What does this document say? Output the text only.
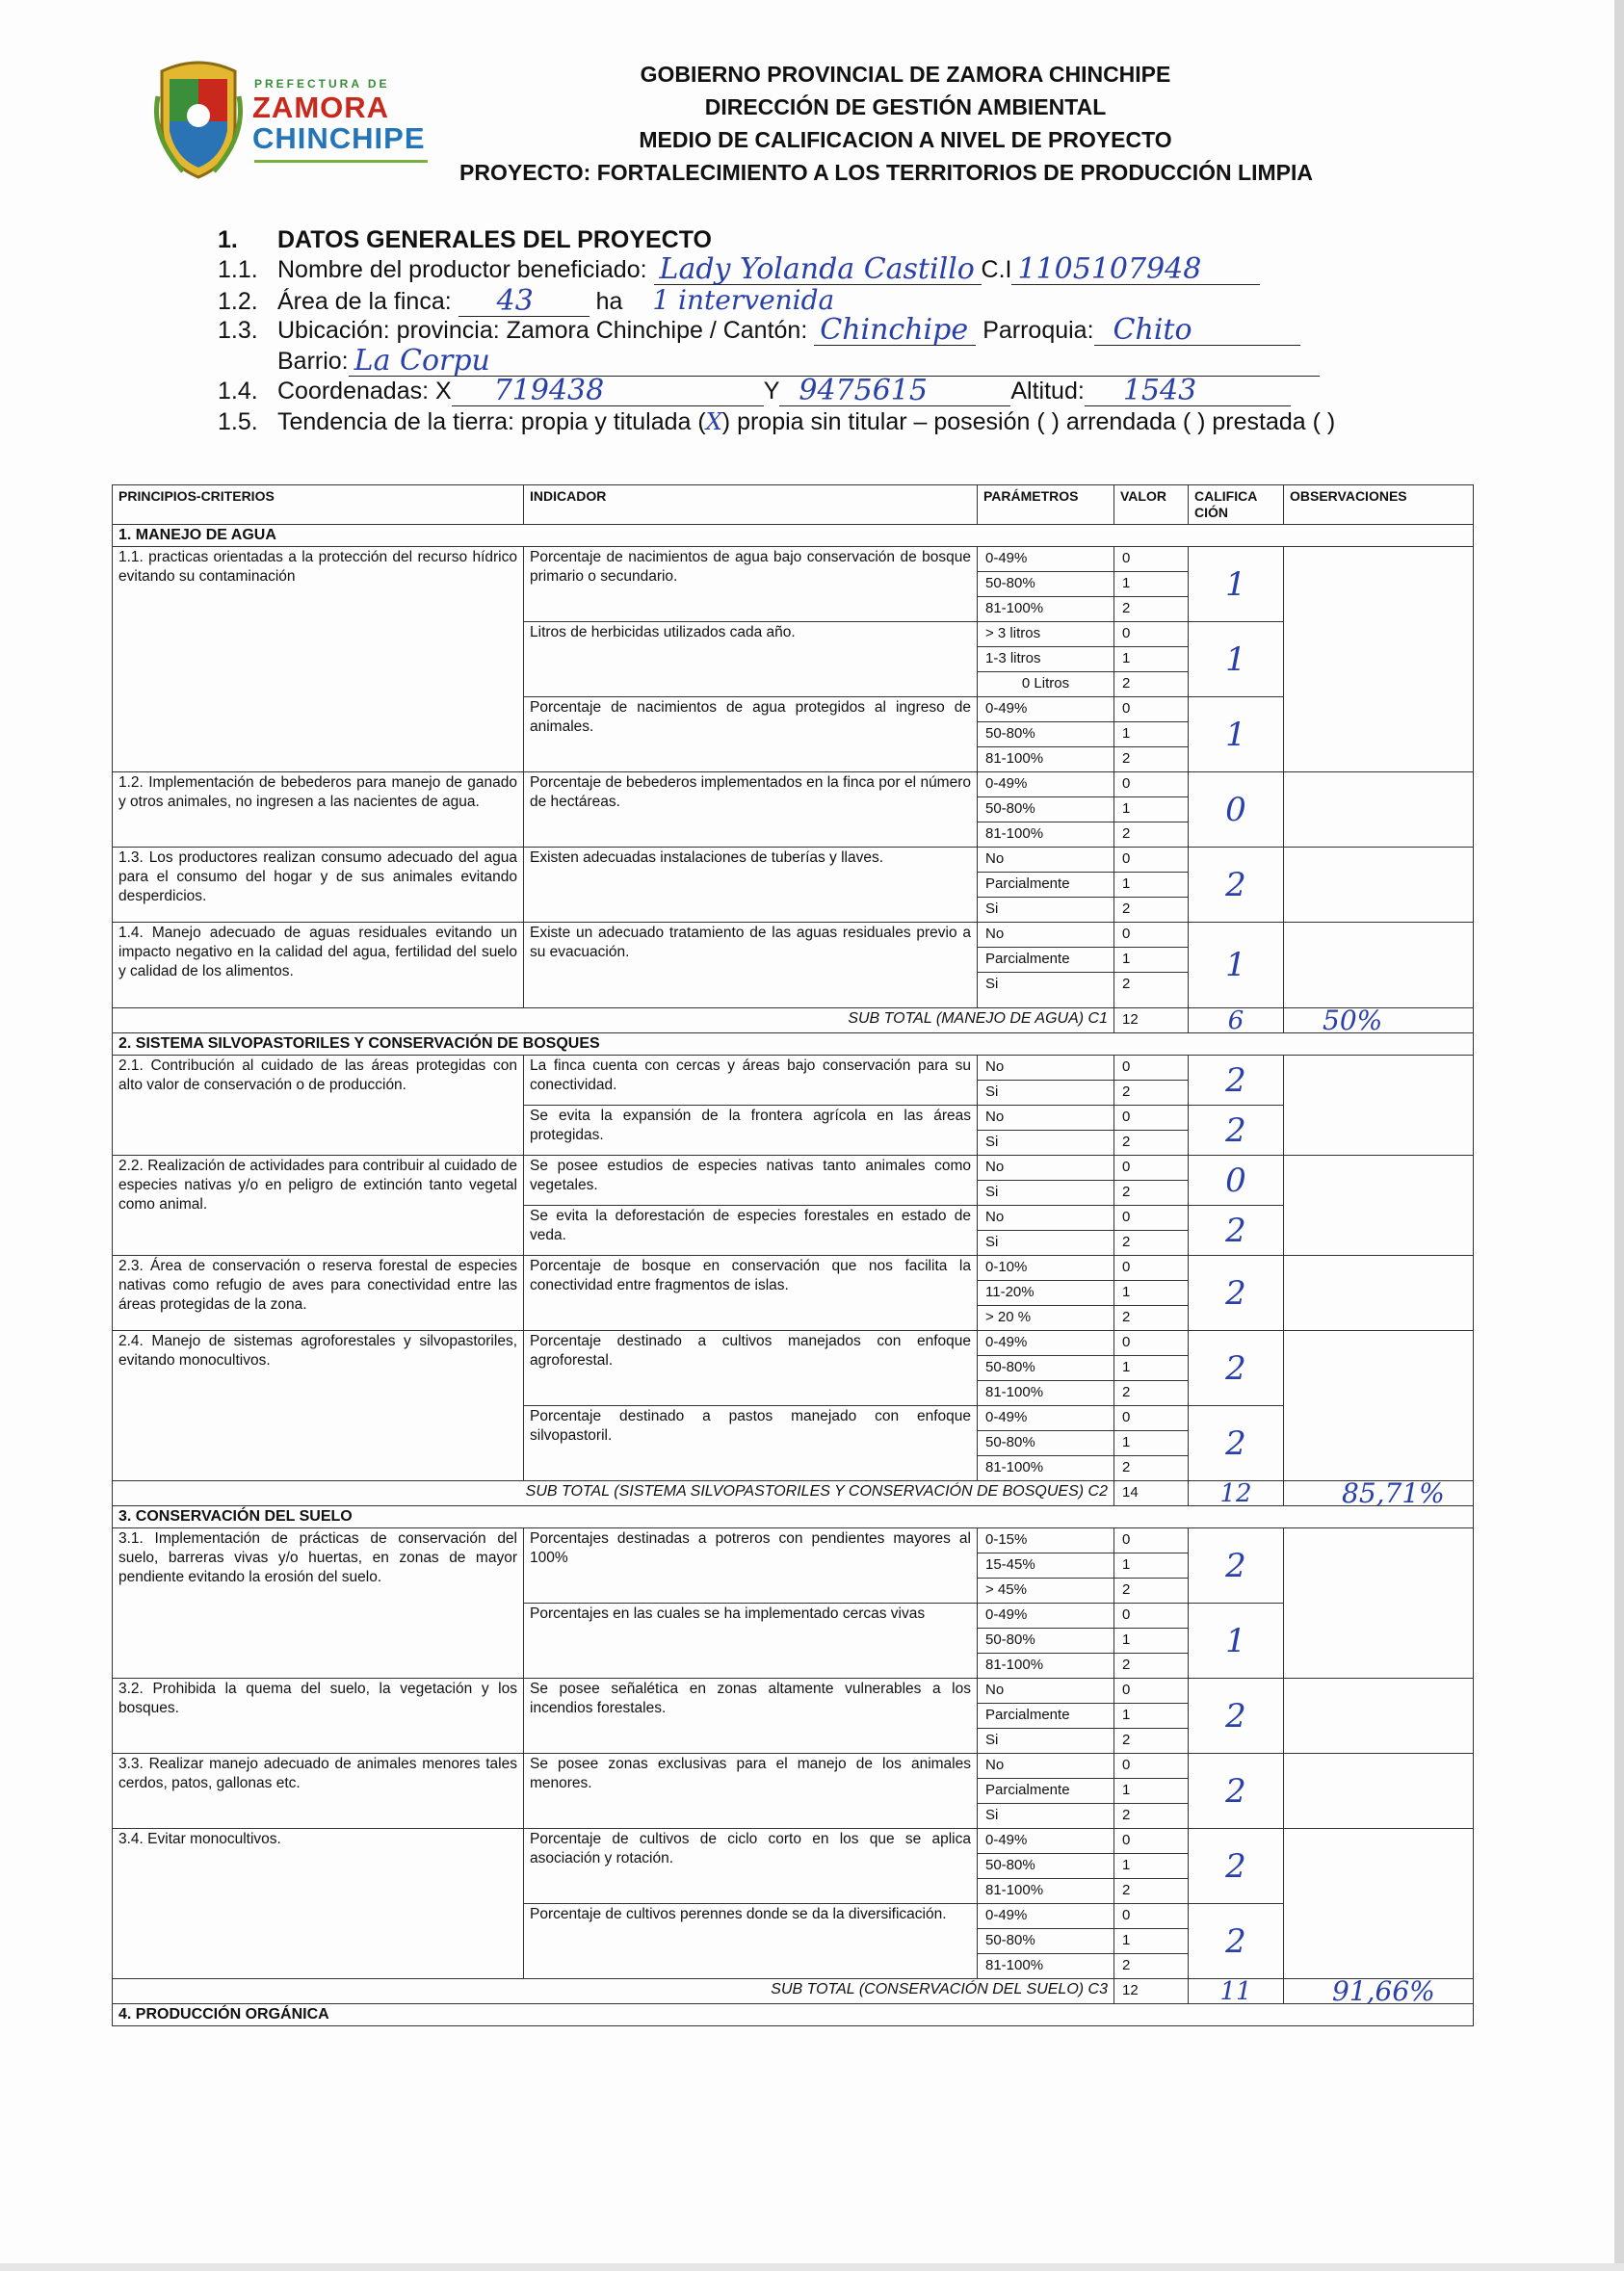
PREFECTURA DE
ZAMORA
CHINCHIPE
GOBIERNO PROVINCIAL DE ZAMORA CHINCHIPE
DIRECCIÓN DE GESTIÓN AMBIENTAL
MEDIO DE CALIFICACION A NIVEL DE PROYECTO
PROYECTO: FORTALECIMIENTO A LOS TERRITORIOS DE PRODUCCIÓN LIMPIA
1. DATOS GENERALES DEL PROYECTO
1.1. Nombre del productor beneficiado: Lady Yolanda Castillo C.I 1105107948
1.2. Área de la finca: 43	ha 1 intervenida
1.3. Ubicación: provincia: Zamora Chinchipe / Cantón: Chinchipe Parroquia: Chito
Barrio: La Corpu
1.4. Coordenadas: X 719438	Y 9475615	Altitud: 1543
1.5. Tendencia de la tierra: propia y titulada (X) propia sin titular – posesión ( ) arrendada ( ) prestada ( )
PRINCIPIOS-CRITERIOS	INDICADOR	PARÁMETROS	VALOR	CALIFICA CIÓN	OBSERVACIONES
1. MANEJO DE AGUA					
1.1. practicas orientadas a la protección del recurso hídrico evitando su contaminación	Porcentaje de nacimientos de agua bajo conservación de bosque primario o secundario.	0-49%	0	1	
		50-80%	1		
		81-100%	2		
	Litros de herbicidas utilizados cada año.	> 3 litros	0	1	
		1-3 litros	1		
		0 Litros	2		
	Porcentaje de nacimientos de agua protegidos al ingreso de animales.	0-49%	0	1	
		50-80%	1		
		81-100%	2		
1.2. Implementación de bebederos para manejo de ganado y otros animales, no ingresen a las nacientes de agua.	Porcentaje de bebederos implementados en la finca por el número de hectáreas.	0-49%	0	0	
		50-80%	1		
		81-100%	2		
1.3. Los productores realizan consumo adecuado del agua para el consumo del hogar y de sus animales evitando desperdicios.	Existen adecuadas instalaciones de tuberías y llaves.	No	0	2	
		Parcialmente	1		
		Si	2		
1.4. Manejo adecuado de aguas residuales evitando un impacto negativo en la calidad del agua, fertilidad del suelo y calidad de los alimentos.	Existe un adecuado tratamiento de las aguas residuales previo a su evacuación.	No	0	1	
		Parcialmente	1		
		Si	2		
SUB TOTAL (MANEJO DE AGUA) C1			12	6	50%
2. SISTEMA SILVOPASTORILES Y CONSERVACIÓN DE BOSQUES					
2.1. Contribución al cuidado de las áreas protegidas con alto valor de conservación o de producción.	La finca cuenta con cercas y áreas bajo conservación para su conectividad.	No	0	2	
		Si	2		
	Se evita la expansión de la frontera agrícola en las áreas protegidas.	No	0	2	
		Si	2		
2.2. Realización de actividades para contribuir al cuidado de especies nativas y/o en peligro de extinción tanto vegetal como animal.	Se posee estudios de especies nativas tanto animales como vegetales.	No	0	0	
		Si	2		
	Se evita la deforestación de especies forestales en estado de veda.	No	0	2	
		Si	2		
2.3. Área de conservación o reserva forestal de especies nativas como refugio de aves para conectividad entre las áreas protegidas de la zona.	Porcentaje de bosque en conservación que nos facilita la conectividad entre fragmentos de islas.	0-10%	0	2	
		11-20%	1		
		> 20 %	2		
2.4. Manejo de sistemas agroforestales y silvopastoriles, evitando monocultivos.	Porcentaje destinado a cultivos manejados con enfoque agroforestal.	0-49%	0	2	
		50-80%	1		
		81-100%	2		
	Porcentaje destinado a pastos manejado con enfoque silvopastoril.	0-49%	0	2	
		50-80%	1		
		81-100%	2		
SUB TOTAL (SISTEMA SILVOPASTORILES Y CONSERVACIÓN DE BOSQUES) C2			14	12	85,71%
3. CONSERVACIÓN DEL SUELO					
3.1. Implementación de prácticas de conservación del suelo, barreras vivas y/o huertas, en zonas de mayor pendiente evitando la erosión del suelo.	Porcentajes destinadas a potreros con pendientes mayores al 100%	0-15%	0	2	
		15-45%	1		
		> 45%	2		
	Porcentajes en las cuales se ha implementado cercas vivas	0-49%	0	1	
		50-80%	1		
		81-100%	2		
3.2. Prohibida la quema del suelo, la vegetación y los bosques.	Se posee señalética en zonas altamente vulnerables a los incendios forestales.	No	0	2	
		Parcialmente	1		
		Si	2		
3.3. Realizar manejo adecuado de animales menores tales cerdos, patos, gallonas etc.	Se posee zonas exclusivas para el manejo de los animales menores.	No	0	2	
		Parcialmente	1		
		Si	2		
3.4. Evitar monocultivos.	Porcentaje de cultivos de ciclo corto en los que se aplica asociación y rotación.	0-49%	0	2	
		50-80%	1		
		81-100%	2		
	Porcentaje de cultivos perennes donde se da la diversificación.	0-49%	0	2	
		50-80%	1		
		81-100%	2		
SUB TOTAL (CONSERVACIÓN DEL SUELO) C3			12	11	91,66%
4. PRODUCCIÓN ORGÁNICA					
